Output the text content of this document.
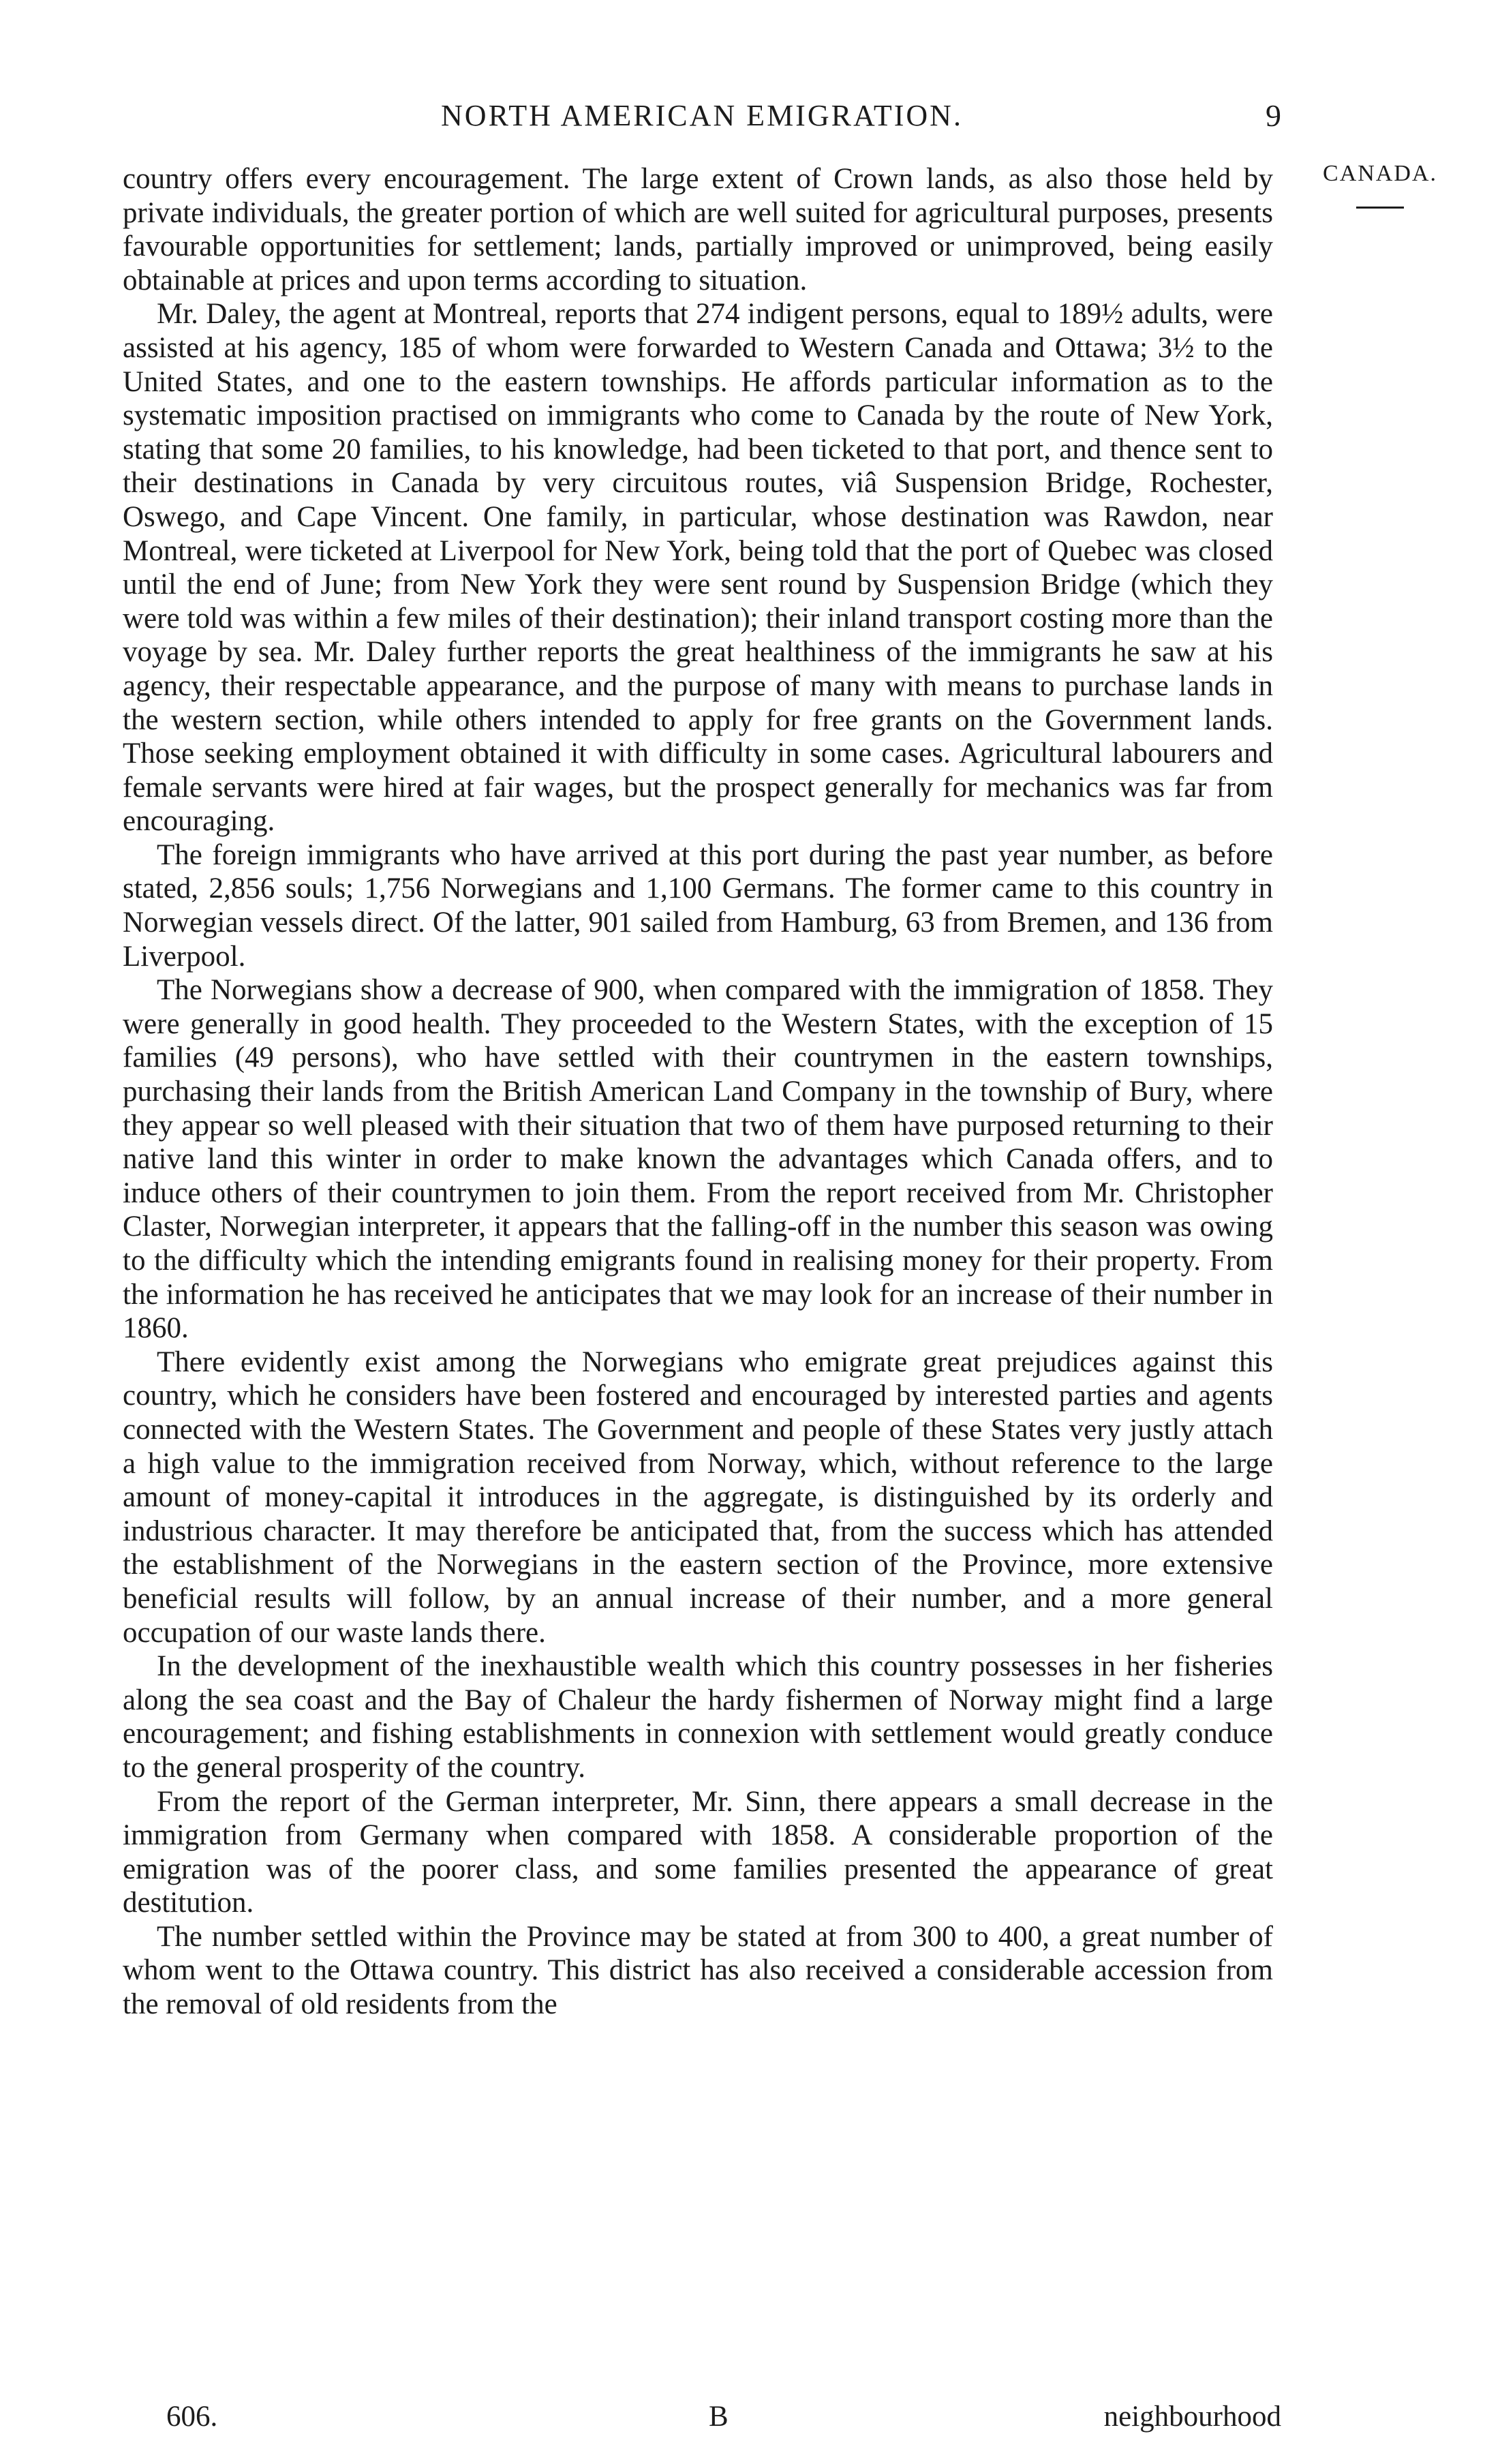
NORTH AMERICAN EMIGRATION.	9
CANADA.

country offers every encouragement. The large extent of Crown lands, as also those held by private individuals, the greater portion of which are well suited for agricultural purposes, presents favourable opportunities for settlement; lands, partially improved or unimproved, being easily obtainable at prices and upon terms according to situation.

Mr. Daley, the agent at Montreal, reports that 274 indigent persons, equal to 189½ adults, were assisted at his agency, 185 of whom were forwarded to Western Canada and Ottawa; 3½ to the United States, and one to the eastern townships. He affords particular information as to the systematic imposition practised on immigrants who come to Canada by the route of New York, stating that some 20 families, to his knowledge, had been ticketed to that port, and thence sent to their destinations in Canada by very circuitous routes, viâ Suspension Bridge, Rochester, Oswego, and Cape Vincent. One family, in particular, whose destination was Rawdon, near Montreal, were ticketed at Liverpool for New York, being told that the port of Quebec was closed until the end of June; from New York they were sent round by Suspension Bridge (which they were told was within a few miles of their destination); their inland transport costing more than the voyage by sea. Mr. Daley further reports the great healthiness of the immigrants he saw at his agency, their respectable appearance, and the purpose of many with means to purchase lands in the western section, while others intended to apply for free grants on the Government lands. Those seeking employment obtained it with difficulty in some cases. Agricultural labourers and female servants were hired at fair wages, but the prospect generally for mechanics was far from encouraging.

The foreign immigrants who have arrived at this port during the past year number, as before stated, 2,856 souls; 1,756 Norwegians and 1,100 Germans. The former came to this country in Norwegian vessels direct. Of the latter, 901 sailed from Hamburg, 63 from Bremen, and 136 from Liverpool.

The Norwegians show a decrease of 900, when compared with the immigration of 1858. They were generally in good health. They proceeded to the Western States, with the exception of 15 families (49 persons), who have settled with their countrymen in the eastern townships, purchasing their lands from the British American Land Company in the township of Bury, where they appear so well pleased with their situation that two of them have purposed returning to their native land this winter in order to make known the advantages which Canada offers, and to induce others of their countrymen to join them. From the report received from Mr. Christopher Claster, Norwegian interpreter, it appears that the falling-off in the number this season was owing to the difficulty which the intending emigrants found in realising money for their property. From the information he has received he anticipates that we may look for an increase of their number in 1860.

There evidently exist among the Norwegians who emigrate great prejudices against this country, which he considers have been fostered and encouraged by interested parties and agents connected with the Western States. The Government and people of these States very justly attach a high value to the immigration received from Norway, which, without reference to the large amount of money-capital it introduces in the aggregate, is distinguished by its orderly and industrious character. It may therefore be anticipated that, from the success which has attended the establishment of the Norwegians in the eastern section of the Province, more extensive beneficial results will follow, by an annual increase of their number, and a more general occupation of our waste lands there.

In the development of the inexhaustible wealth which this country possesses in her fisheries along the sea coast and the Bay of Chaleur the hardy fishermen of Norway might find a large encouragement; and fishing establishments in connexion with settlement would greatly conduce to the general prosperity of the country.

From the report of the German interpreter, Mr. Sinn, there appears a small decrease in the immigration from Germany when compared with 1858. A considerable proportion of the emigration was of the poorer class, and some families presented the appearance of great destitution.

The number settled within the Province may be stated at from 300 to 400, a great number of whom went to the Ottawa country. This district has also received a considerable accession from the removal of old residents from the

606.	B	neighbourhood
